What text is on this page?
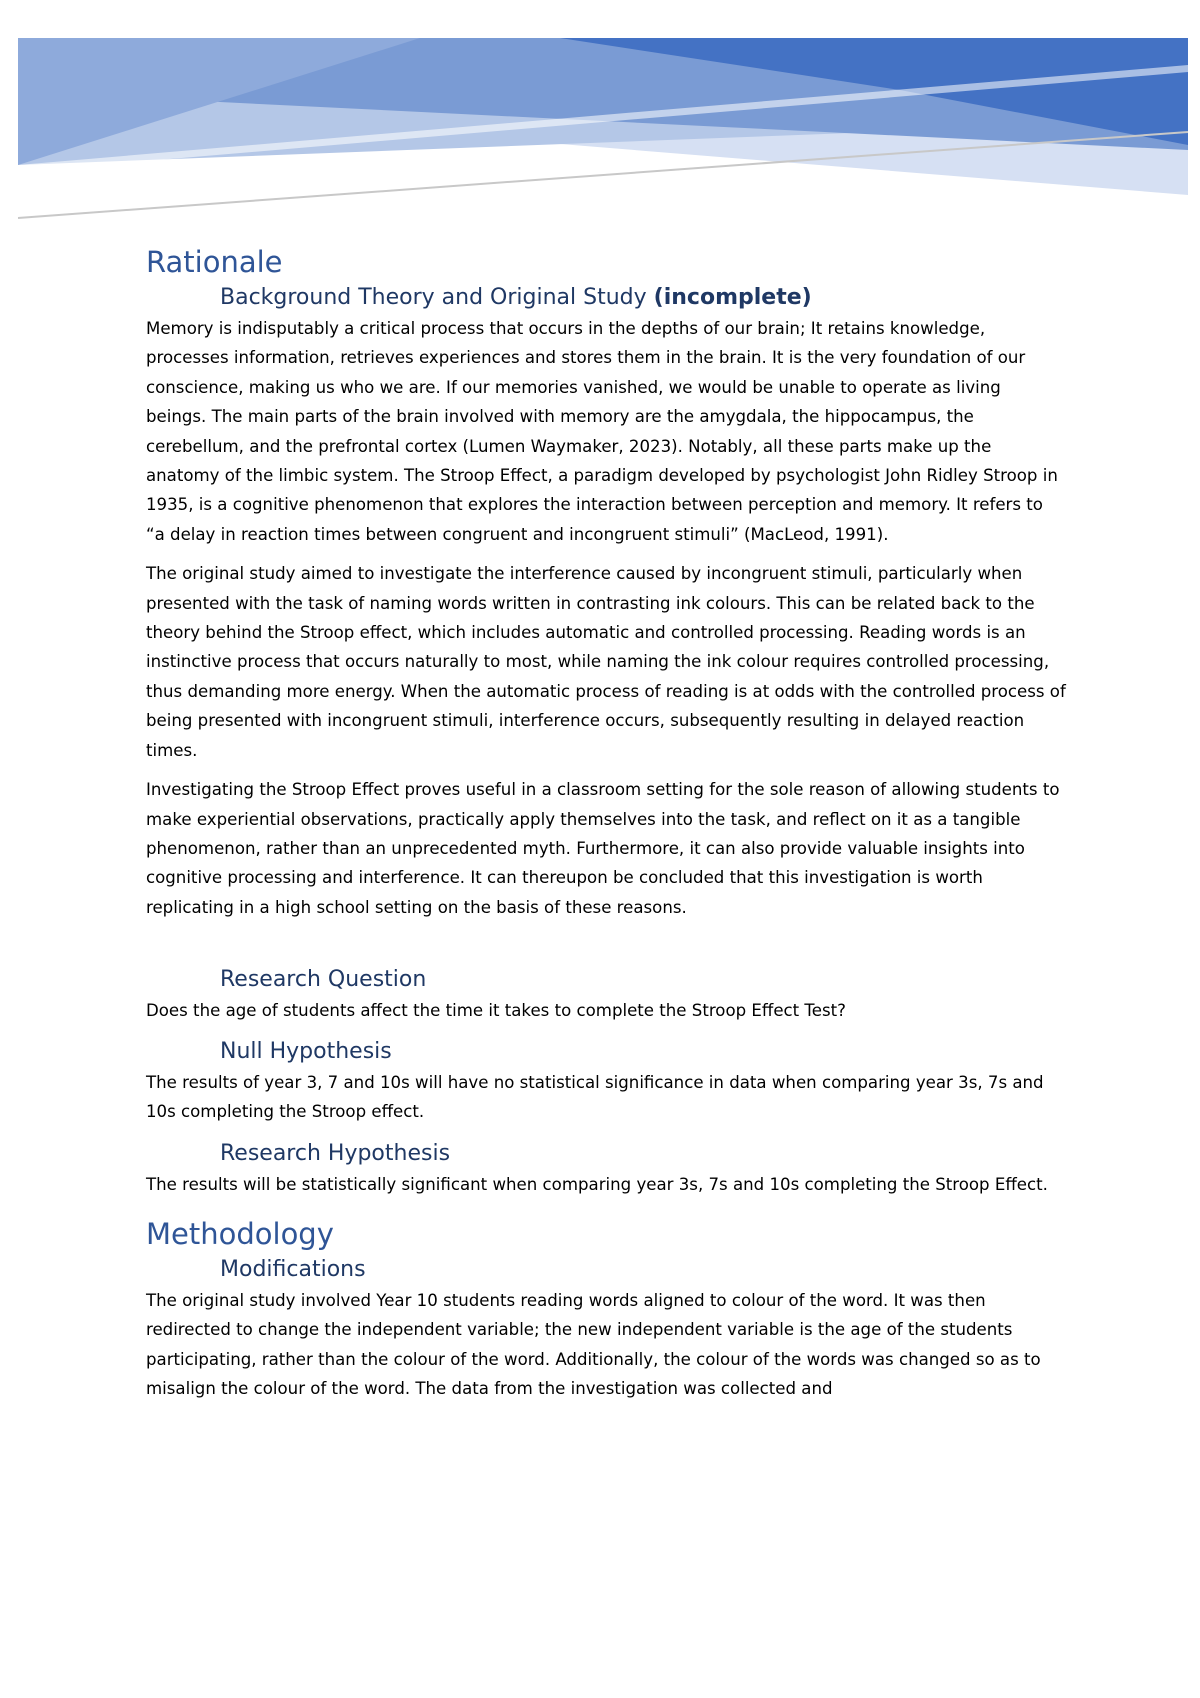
Rationale
Background Theory and Original Study (incomplete)

Memory is indisputably a critical process that occurs in the depths of our brain; It retains knowledge, processes information, retrieves experiences and stores them in the brain. It is the very foundation of our conscience, making us who we are. If our memories vanished, we would be unable to operate as living beings. The main parts of the brain involved with memory are the amygdala, the hippocampus, the cerebellum, and the prefrontal cortex (Lumen Waymaker, 2023). Notably, all these parts make up the anatomy of the limbic system. The Stroop Effect, a paradigm developed by psychologist John Ridley Stroop in 1935, is a cognitive phenomenon that explores the interaction between perception and memory. It refers to “a delay in reaction times between congruent and incongruent stimuli” (MacLeod, 1991).

The original study aimed to investigate the interference caused by incongruent stimuli, particularly when presented with the task of naming words written in contrasting ink colours. This can be related back to the theory behind the Stroop effect, which includes automatic and controlled processing. Reading words is an instinctive process that occurs naturally to most, while naming the ink colour requires controlled processing, thus demanding more energy. When the automatic process of reading is at odds with the controlled process of being presented with incongruent stimuli, interference occurs, subsequently resulting in delayed reaction times.

Investigating the Stroop Effect proves useful in a classroom setting for the sole reason of allowing students to make experiential observations, practically apply themselves into the task, and reflect on it as a tangible phenomenon, rather than an unprecedented myth. Furthermore, it can also provide valuable insights into cognitive processing and interference. It can thereupon be concluded that this investigation is worth replicating in a high school setting on the basis of these reasons.

Research Question

Does the age of students affect the time it takes to complete the Stroop Effect Test?

Null Hypothesis

The results of year 3, 7 and 10s will have no statistical significance in data when comparing year 3s, 7s and 10s completing the Stroop effect.

Research Hypothesis

The results will be statistically significant when comparing year 3s, 7s and 10s completing the Stroop Effect.

Methodology
Modifications

The original study involved Year 10 students reading words aligned to colour of the word. It was then redirected to change the independent variable; the new independent variable is the age of the students participating, rather than the colour of the word. Additionally, the colour of the words was changed so as to misalign the colour of the word. The data from the investigation was collected and
